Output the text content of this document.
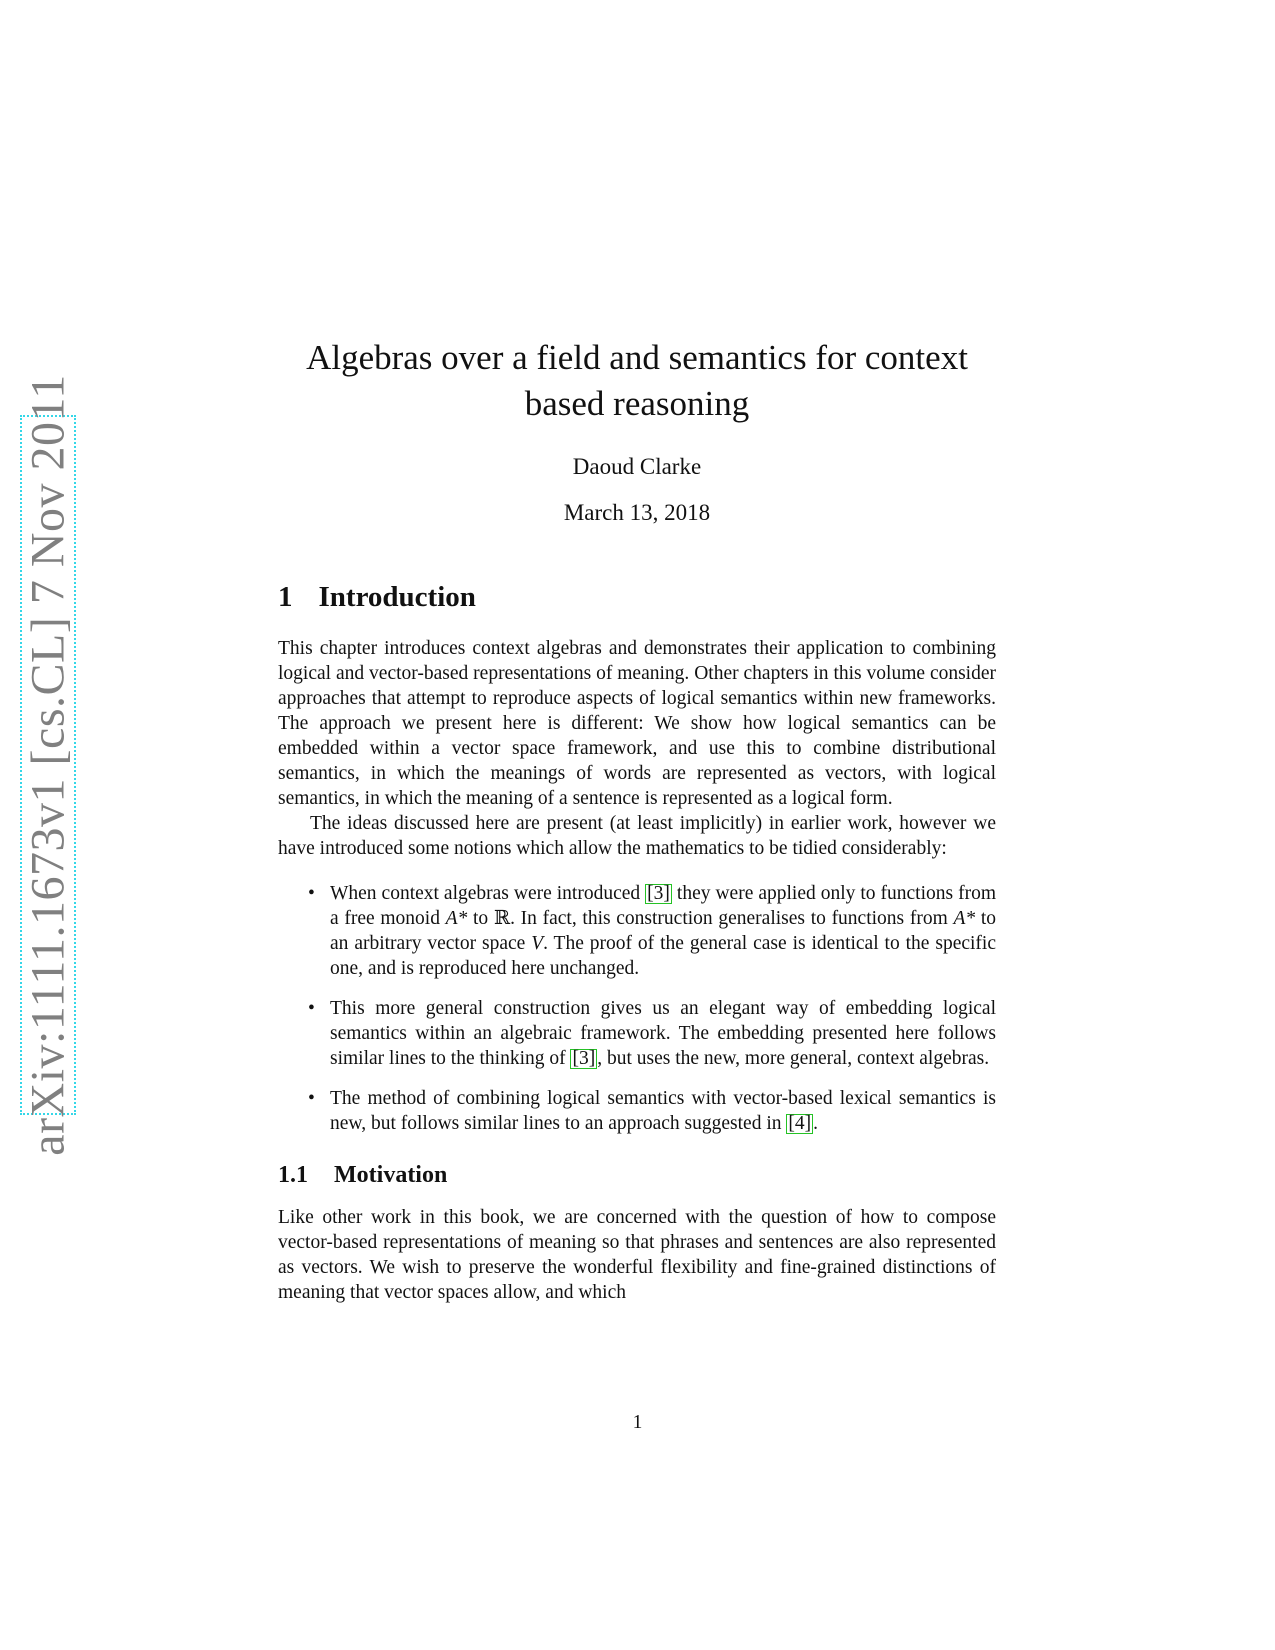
arXiv:1111.1673v1 [cs.CL] 7 Nov 2011
Algebras over a field and semantics for context
based reasoning
Daoud Clarke
March 13, 2018
1 Introduction

This chapter introduces context algebras and demonstrates their application to combining logical and vector-based representations of meaning. Other chapters in this volume consider approaches that attempt to reproduce aspects of logical semantics within new frameworks. The approach we present here is different: We show how logical semantics can be embedded within a vector space framework, and use this to combine distributional semantics, in which the meanings of words are represented as vectors, with logical semantics, in which the meaning of a sentence is represented as a logical form.

The ideas discussed here are present (at least implicitly) in earlier work, however we have introduced some notions which allow the mathematics to be tidied considerably:

• When context algebras were introduced [3] they were applied only to functions from a free monoid A* to ℝ. In fact, this construction generalises to functions from A* to an arbitrary vector space V. The proof of the general case is identical to the specific one, and is reproduced here unchanged.
• This more general construction gives us an elegant way of embedding logical semantics within an algebraic framework. The embedding presented here follows similar lines to the thinking of [3] , but uses the new, more general, context algebras.
• The method of combining logical semantics with vector-based lexical semantics is new, but follows similar lines to an approach suggested in [4] .
1.1 Motivation

Like other work in this book, we are concerned with the question of how to compose vector-based representations of meaning so that phrases and sentences are also represented as vectors. We wish to preserve the wonderful flexibility and fine-grained distinctions of meaning that vector spaces allow, and which

1
